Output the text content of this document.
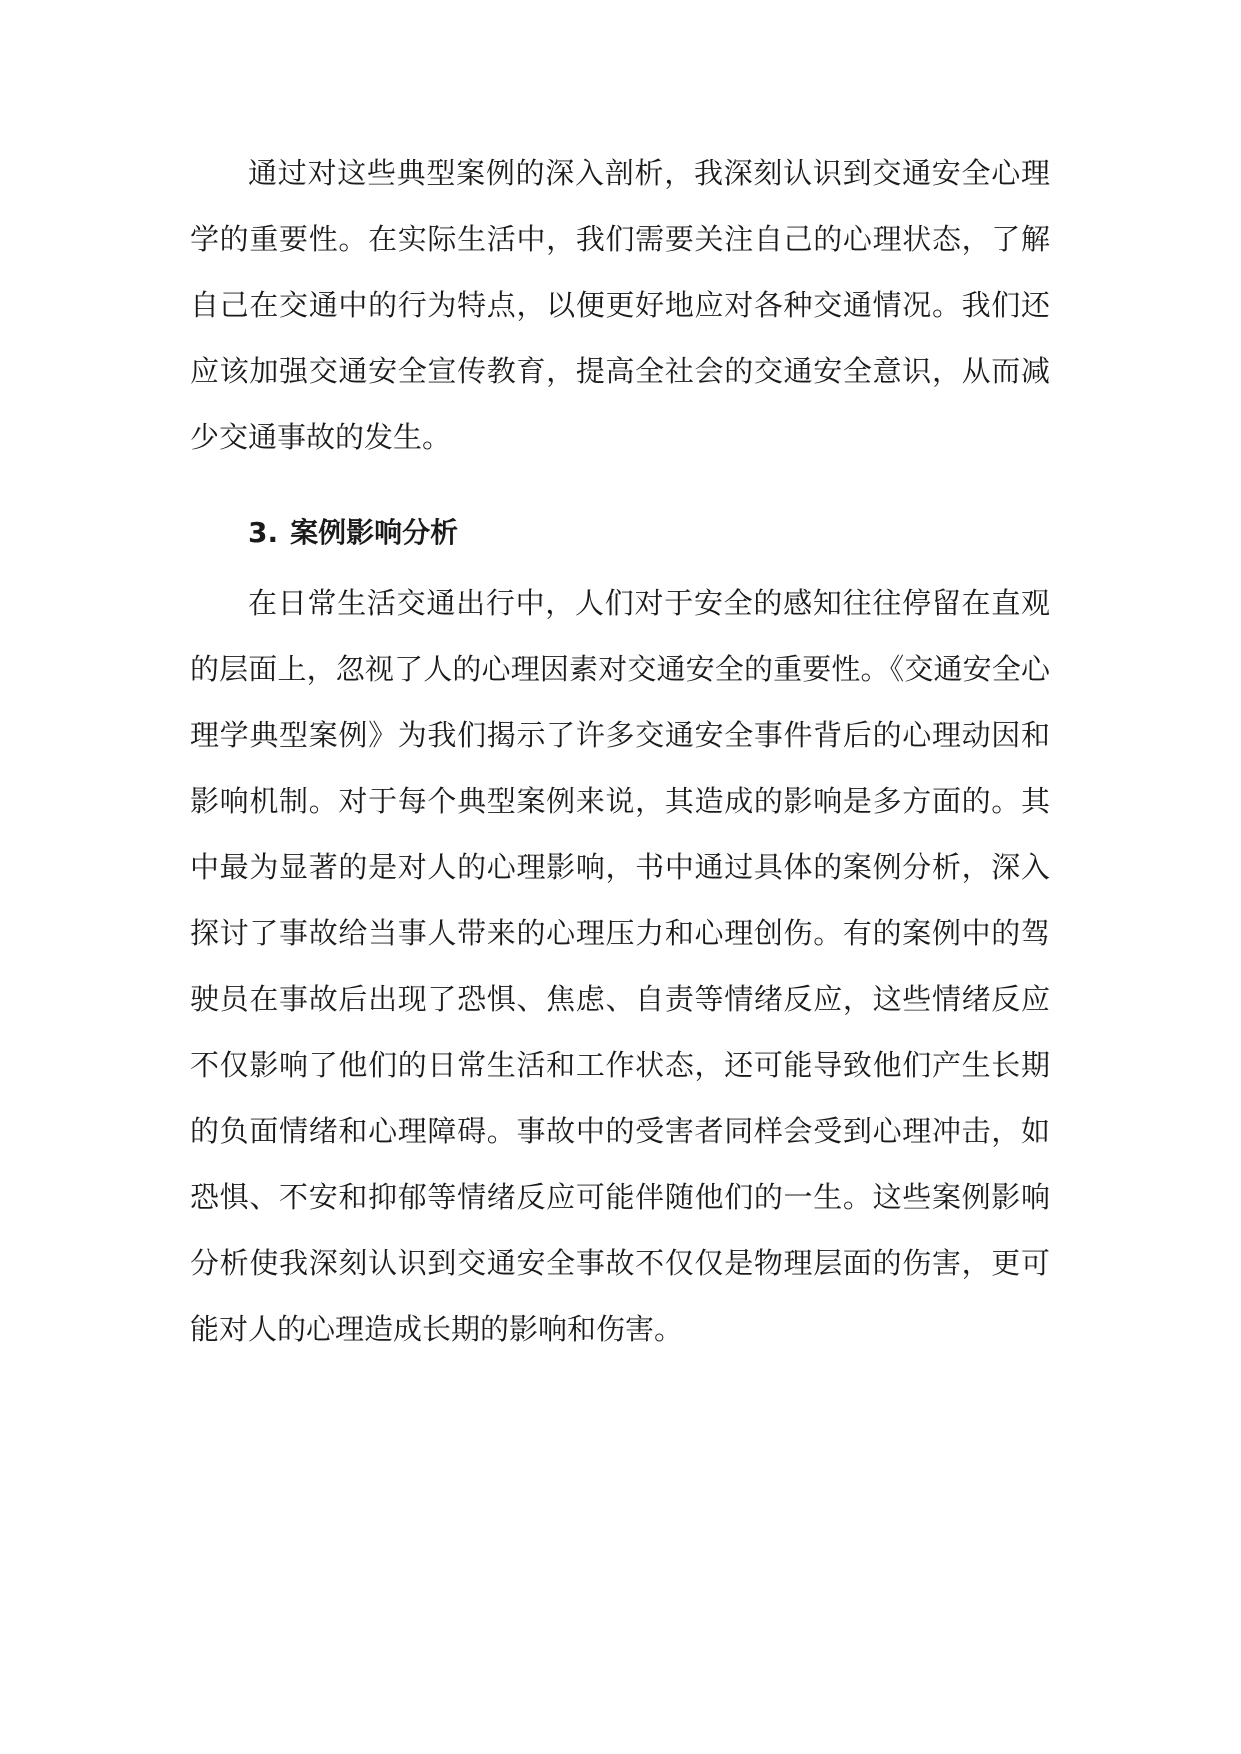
通过对这些典型案例的深入剖析，我深刻认识到交通安全心理学的重要性。在实际生活中，我们需要关注自己的心理状态，了解自己在交通中的行为特点，以便更好地应对各种交通情况。我们还应该加强交通安全宣传教育，提高全社会的交通安全意识，从而减少交通事故的发生。

3. 案例影响分析

在日常生活交通出行中，人们对于安全的感知往往停留在直观的层面上，忽视了人的心理因素对交通安全的重要性。《交通安全心理学典型案例》为我们揭示了许多交通安全事件背后的心理动因和影响机制。对于每个典型案例来说，其造成的影响是多方面的。其中最为显著的是对人的心理影响，书中通过具体的案例分析，深入探讨了事故给当事人带来的心理压力和心理创伤。有的案例中的驾驶员在事故后出现了恐惧、焦虑、自责等情绪反应，这些情绪反应不仅影响了他们的日常生活和工作状态，还可能导致他们产生长期的负面情绪和心理障碍。事故中的受害者同样会受到心理冲击，如恐惧、不安和抑郁等情绪反应可能伴随他们的一生。这些案例影响分析使我深刻认识到交通安全事故不仅仅是物理层面的伤害，更可能对人的心理造成长期的影响和伤害。
